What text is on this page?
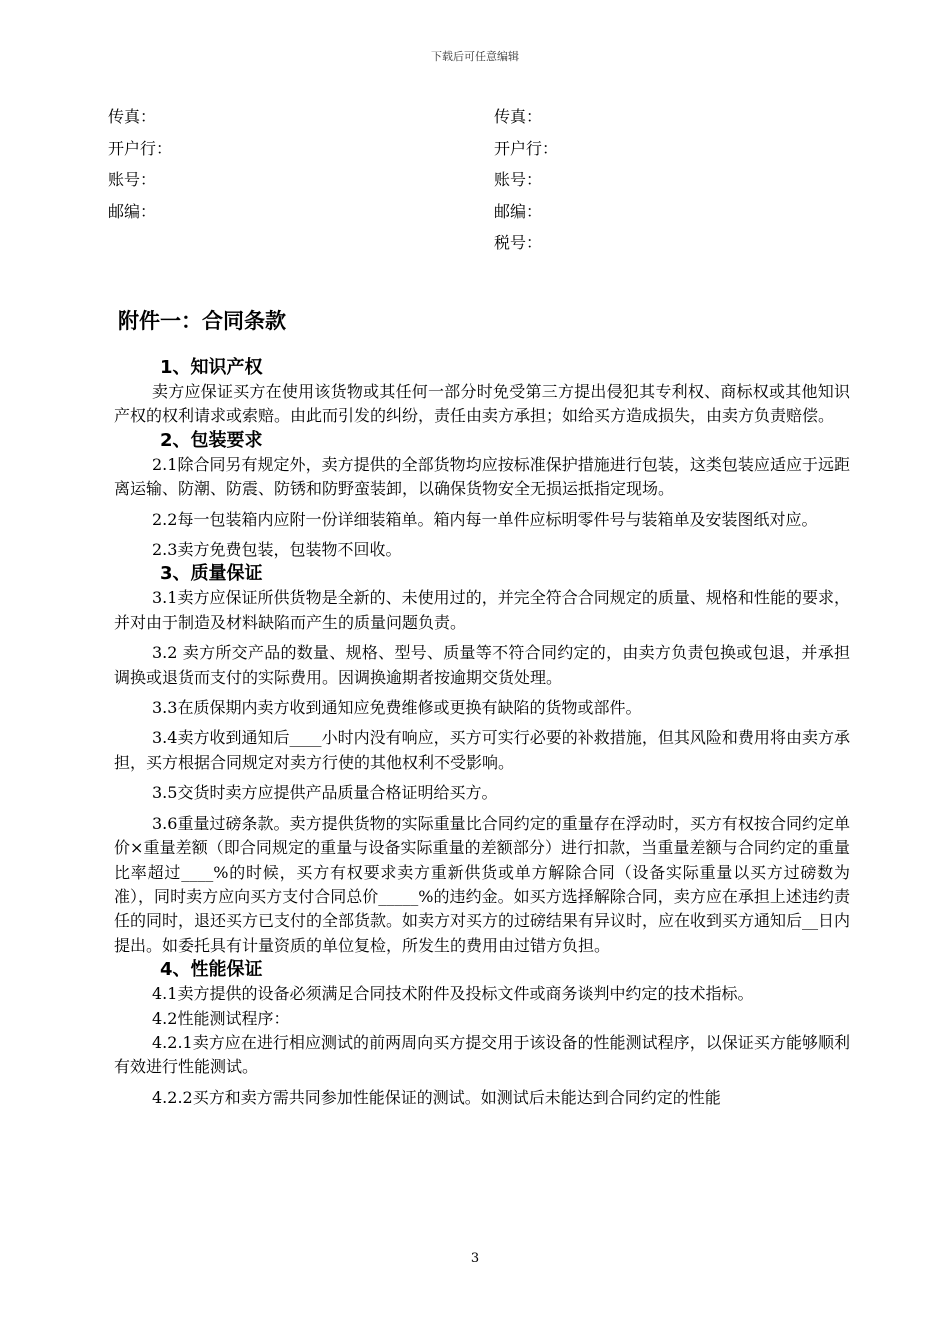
下载后可任意编辑
传真：
开户行：
账号：
邮编：
传真：
开户行：
账号：
邮编：
税号：
附件一：合同条款
1、知识产权

卖方应保证买方在使用该货物或其任何一部分时免受第三方提出侵犯其专利权、商标权或其他知识产权的权利请求或索赔。由此而引发的纠纷，责任由卖方承担；如给买方造成损失，由卖方负责赔偿。

2、包装要求

2.1除合同另有规定外，卖方提供的全部货物均应按标准保护措施进行包装，这类包装应适应于远距离运输、防潮、防震、防锈和防野蛮装卸，以确保货物安全无损运抵指定现场。

2.2每一包装箱内应附一份详细装箱单。箱内每一单件应标明零件号与装箱单及安装图纸对应。

2.3卖方免费包装，包装物不回收。

3、质量保证

3.1卖方应保证所供货物是全新的、未使用过的，并完全符合合同规定的质量、规格和性能的要求，并对由于制造及材料缺陷而产生的质量问题负责。

3.2 卖方所交产品的数量、规格、型号、质量等不符合同约定的，由卖方负责包换或包退，并承担调换或退货而支付的实际费用。因调换逾期者按逾期交货处理。

3.3在质保期内卖方收到通知应免费维修或更换有缺陷的货物或部件。

3.4卖方收到通知后____小时内没有响应，买方可实行必要的补救措施，但其风险和费用将由卖方承担，买方根据合同规定对卖方行使的其他权利不受影响。

3.5交货时卖方应提供产品质量合格证明给买方。

3.6重量过磅条款。卖方提供货物的实际重量比合同约定的重量存在浮动时，买方有权按合同约定单价×重量差额（即合同规定的重量与设备实际重量的差额部分）进行扣款，当重量差额与合同约定的重量比率超过____%的时候，买方有权要求卖方重新供货或单方解除合同（设备实际重量以买方过磅数为准），同时卖方应向买方支付合同总价_____%的违约金。如买方选择解除合同，卖方应在承担上述违约责任的同时，退还买方已支付的全部货款。如卖方对买方的过磅结果有异议时，应在收到买方通知后__日内提出。如委托具有计量资质的单位复检，所发生的费用由过错方负担。

4、性能保证

4.1卖方提供的设备必须满足合同技术附件及投标文件或商务谈判中约定的技术指标。

4.2性能测试程序：

4.2.1卖方应在进行相应测试的前两周向买方提交用于该设备的性能测试程序，以保证买方能够顺利有效进行性能测试。

4.2.2买方和卖方需共同参加性能保证的测试。如测试后未能达到合同约定的性能

3
